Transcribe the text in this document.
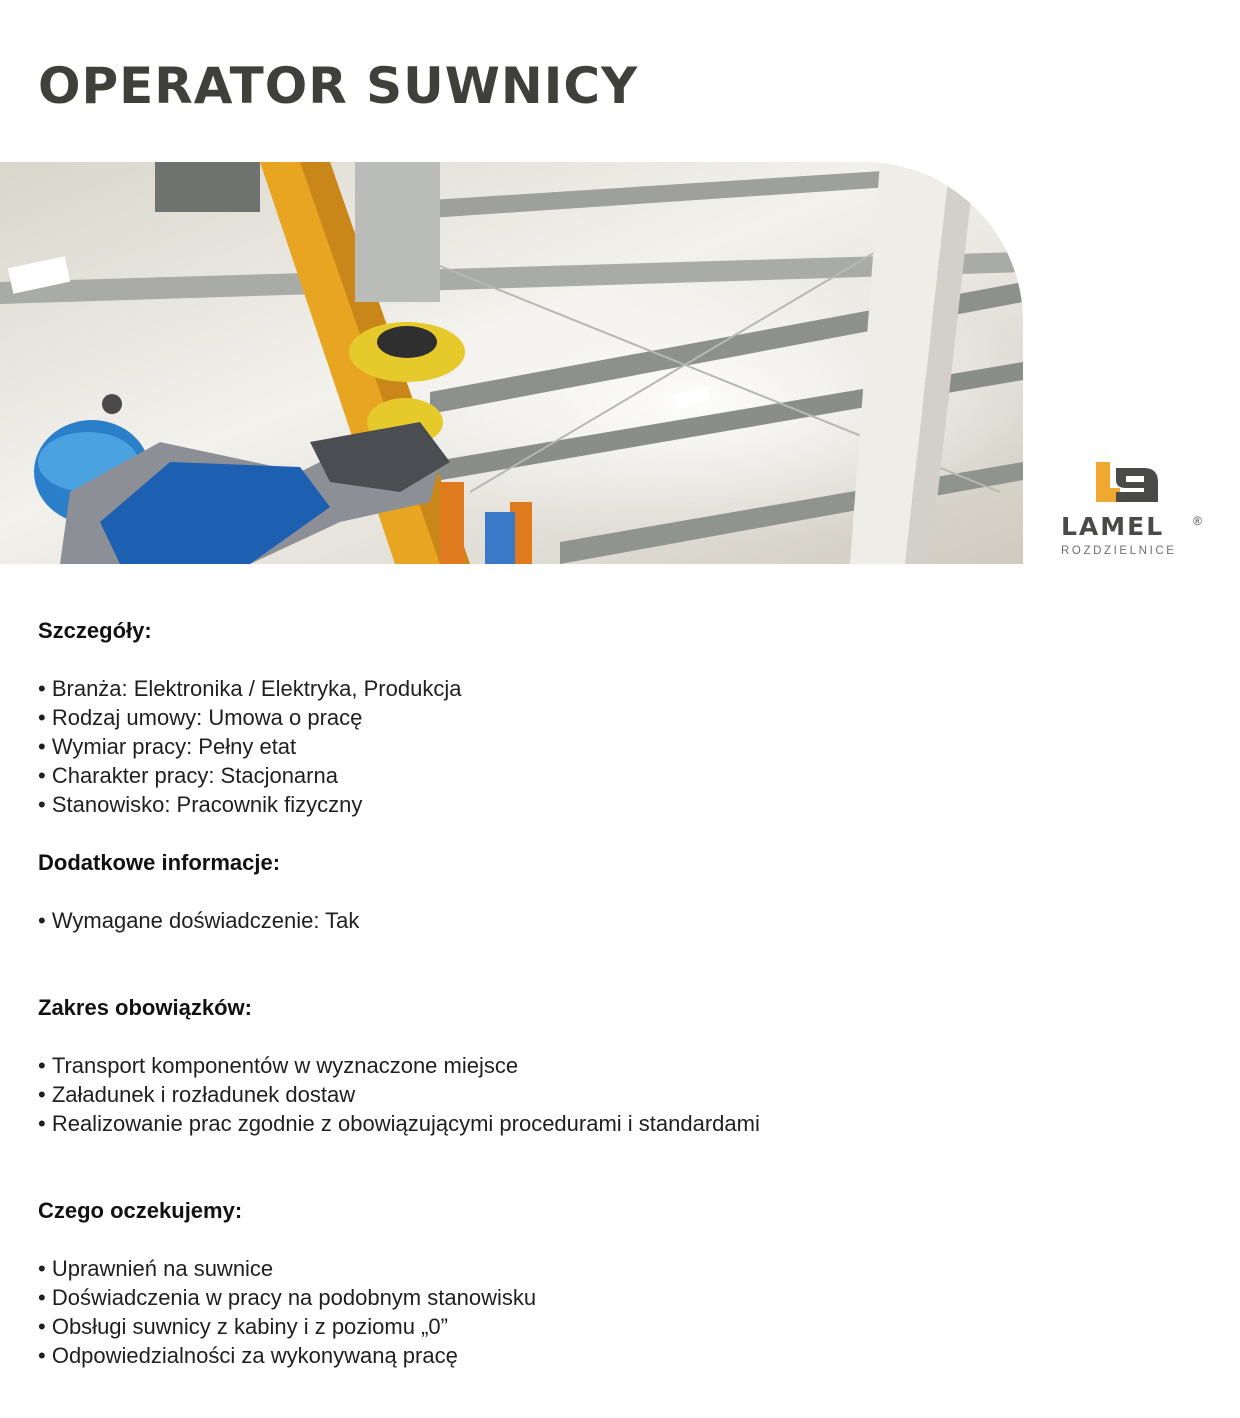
OPERATOR SUWNICY
LAMEL ®
ROZDZIELNICE
Szczegóły:
• Branża: Elektronika / Elektryka, Produkcja
• Rodzaj umowy: Umowa o pracę
• Wymiar pracy: Pełny etat
• Charakter pracy: Stacjonarna
• Stanowisko: Pracownik fizyczny
Dodatkowe informacje:
• Wymagane doświadczenie: Tak
Zakres obowiązków:
• Transport komponentów w wyznaczone miejsce
• Załadunek i rozładunek dostaw
• Realizowanie prac zgodnie z obowiązującymi procedurami i standardami
Czego oczekujemy:
• Uprawnień na suwnice
• Doświadczenia w pracy na podobnym stanowisku
• Obsługi suwnicy z kabiny i z poziomu „0”
• Odpowiedzialności za wykonywaną pracę
